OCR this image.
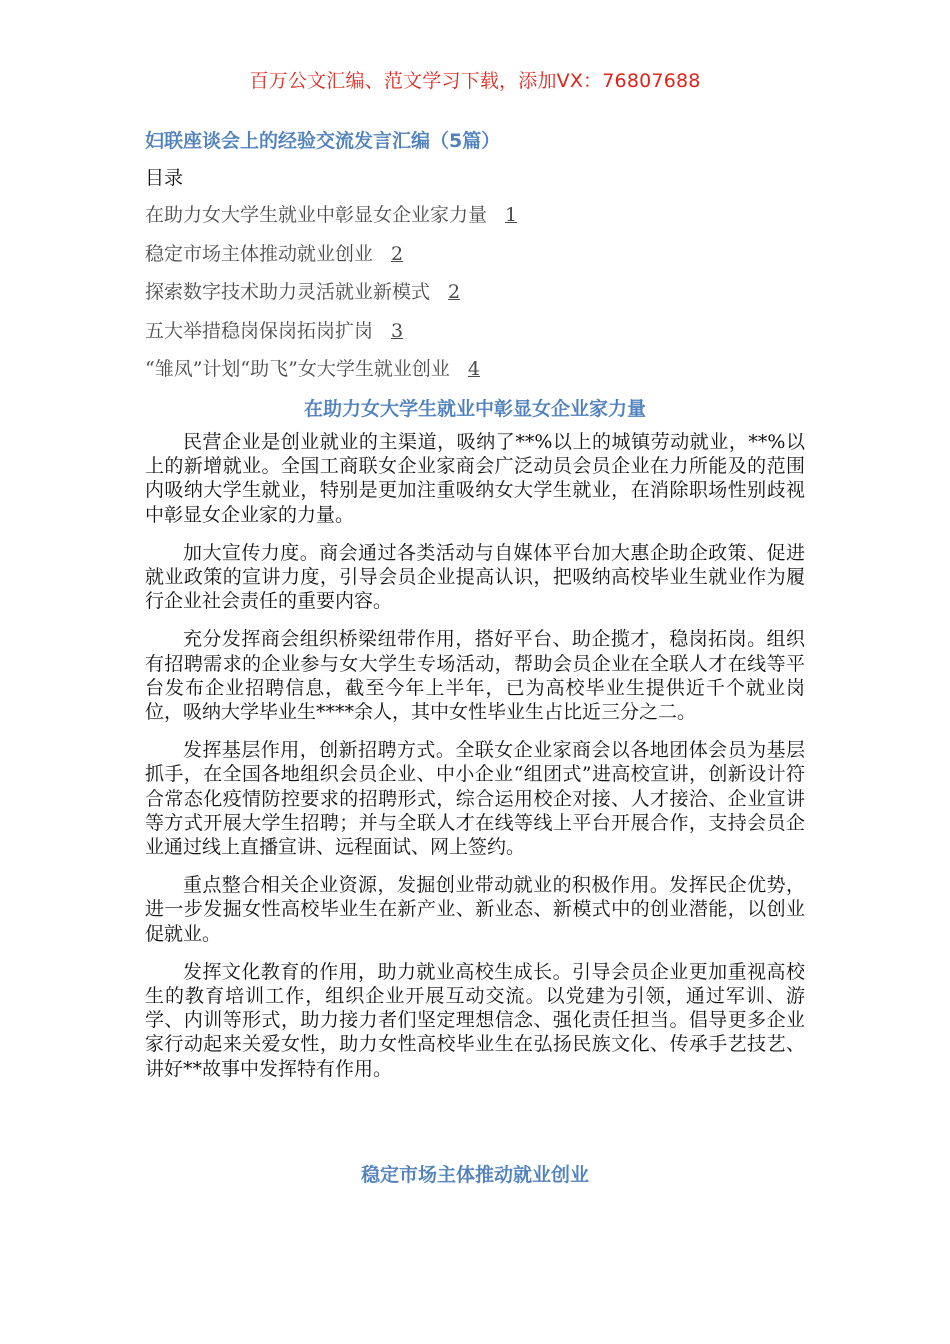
百万公文汇编、范文学习下载，添加VX：76807688
妇联座谈会上的经验交流发言汇编（5篇）
目录
在助力女大学生就业中彰显女企业家力量 1
稳定市场主体推动就业创业 2
探索数字技术助力灵活就业新模式 2
五大举措稳岗保岗拓岗扩岗 3
“雏凤”计划“助飞”女大学生就业创业 4
在助力女大学生就业中彰显女企业家力量

民营企业是创业就业的主渠道，吸纳了**%以上的城镇劳动就业，**%以上的新增就业。全国工商联女企业家商会广泛动员会员企业在力所能及的范围内吸纳大学生就业，特别是更加注重吸纳女大学生就业，在消除职场性别歧视中彰显女企业家的力量。

加大宣传力度。商会通过各类活动与自媒体平台加大惠企助企政策、促进就业政策的宣讲力度，引导会员企业提高认识，把吸纳高校毕业生就业作为履行企业社会责任的重要内容。

充分发挥商会组织桥梁纽带作用，搭好平台、助企揽才，稳岗拓岗。组织有招聘需求的企业参与女大学生专场活动，帮助会员企业在全联人才在线等平台发布企业招聘信息，截至今年上半年，已为高校毕业生提供近千个就业岗位，吸纳大学毕业生****余人，其中女性毕业生占比近三分之二。

发挥基层作用，创新招聘方式。全联女企业家商会以各地团体会员为基层抓手，在全国各地组织会员企业、中小企业“组团式”进高校宣讲，创新设计符合常态化疫情防控要求的招聘形式，综合运用校企对接、人才接洽、企业宣讲等方式开展大学生招聘；并与全联人才在线等线上平台开展合作，支持会员企业通过线上直播宣讲、远程面试、网上签约。

重点整合相关企业资源，发掘创业带动就业的积极作用。发挥民企优势，进一步发掘女性高校毕业生在新产业、新业态、新模式中的创业潜能，以创业促就业。

发挥文化教育的作用，助力就业高校生成长。引导会员企业更加重视高校生的教育培训工作，组织企业开展互动交流。以党建为引领，通过军训、游学、内训等形式，助力接力者们坚定理想信念、强化责任担当。倡导更多企业家行动起来关爱女性，助力女性高校毕业生在弘扬民族文化、传承手艺技艺、讲好**故事中发挥特有作用。

稳定市场主体推动就业创业
